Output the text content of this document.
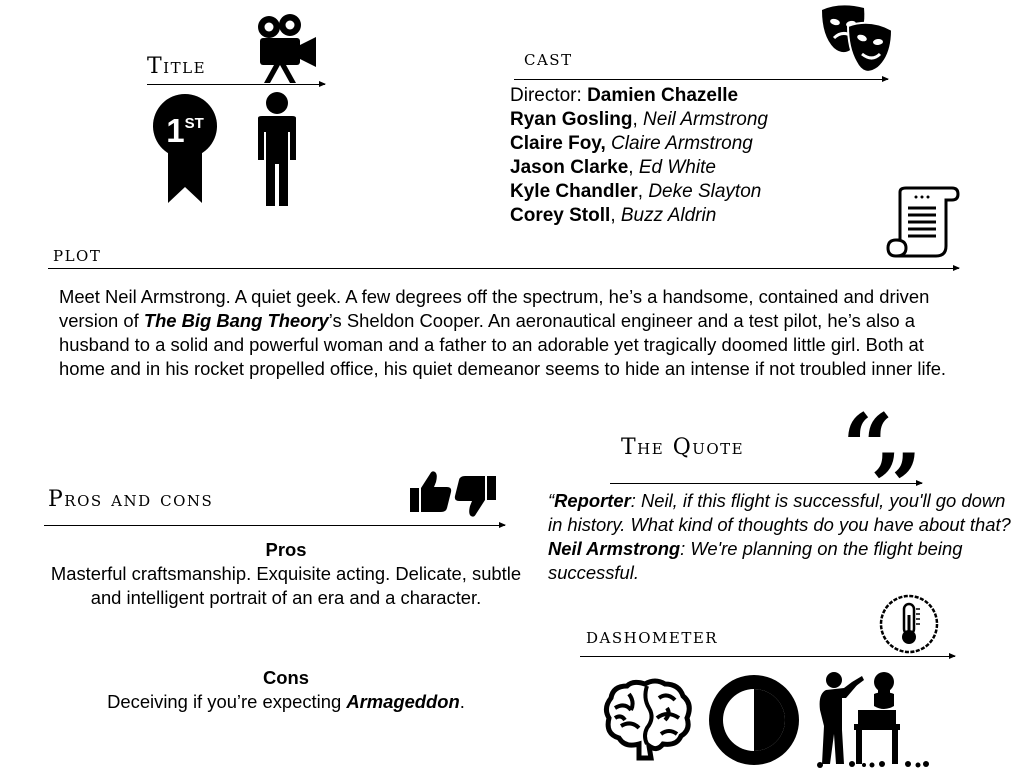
Title
1ST
cast
Director: Damien Chazelle
Ryan Gosling, Neil Armstrong
Claire Foy, Claire Armstrong
Jason Clarke, Ed White
Kyle Chandler, Deke Slayton
Corey Stoll, Buzz Aldrin
plot
Meet Neil Armstrong. A quiet geek. A few degrees off the spectrum, he’s a handsome, contained and driven version of The Big Bang Theory’s Sheldon Cooper. An aeronautical engineer and a test pilot, he’s also a husband to a solid and powerful woman and a father to an adorable yet tragically doomed little girl. Both at home and in his rocket propelled office, his quiet demeanor seems to hide an intense if not troubled inner life.
“
”
The Quote
“Reporter: Neil, if this flight is successful, you'll go down in history. What kind of thoughts do you have about that?
Neil Armstrong: We're planning on the flight being successful.
Pros and cons
Pros
Masterful craftsmanship. Exquisite acting. Delicate, subtle and intelligent portrait of an era and a character.
Cons
Deceiving if you’re expecting Armageddon.
dashometer
